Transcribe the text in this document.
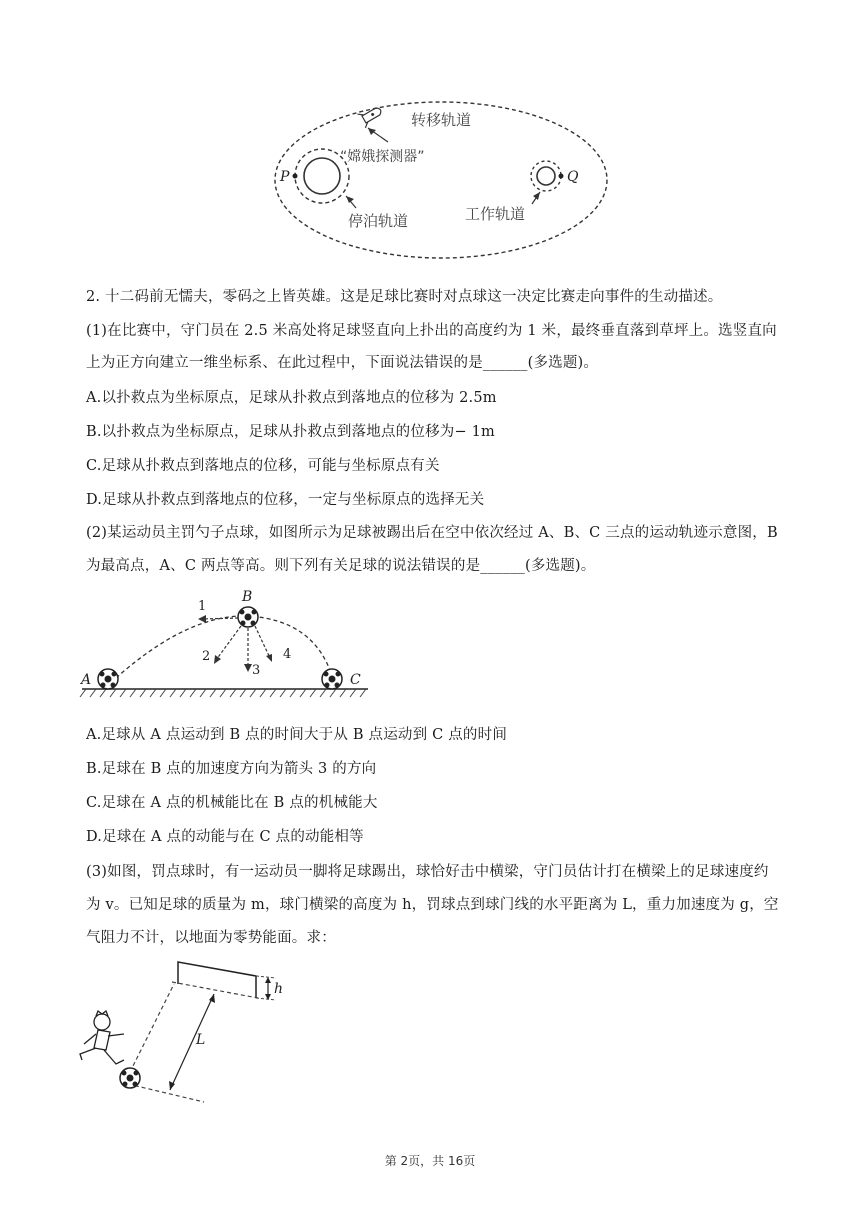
转移轨道
“嫦娥探测器”
停泊轨道	工作轨道
P	Q
2. 十二码前无懦夫，零码之上皆英雄。这是足球比赛时对点球这一决定比赛走向事件的生动描述。
(1)在比赛中，守门员在 2.5 米高处将足球竖直向上扑出的高度约为 1 米，最终垂直落到草坪上。选竖直向
上为正方向建立一维坐标系、在此过程中，下面说法错误的是______(多选题)。
A.以扑救点为坐标原点，足球从扑救点到落地点的位移为 2.5m
B.以扑救点为坐标原点，足球从扑救点到落地点的位移为− 1m
C.足球从扑救点到落地点的位移，可能与坐标原点有关
D.足球从扑救点到落地点的位移，一定与坐标原点的选择无关
(2)某运动员主罚勺子点球，如图所示为足球被踢出后在空中依次经过 A、B、C 三点的运动轨迹示意图，B
为最高点，A、C 两点等高。则下列有关足球的说法错误的是______(多选题)。
A
B
C
1
2
3
4
A.足球从 A 点运动到 B 点的时间大于从 B 点运动到 C 点的时间
B.足球在 B 点的加速度方向为箭头 3 的方向
C.足球在 A 点的机械能比在 B 点的机械能大
D.足球在 A 点的动能与在 C 点的动能相等
(3)如图，罚点球时，有一运动员一脚将足球踢出，球恰好击中横梁，守门员估计打在横梁上的足球速度约
为 v。已知足球的质量为 m，球门横梁的高度为 h，罚球点到球门线的水平距离为 L，重力加速度为 g，空
气阻力不计，以地面为零势能面。求：
h
L
第 2页，共 16页
